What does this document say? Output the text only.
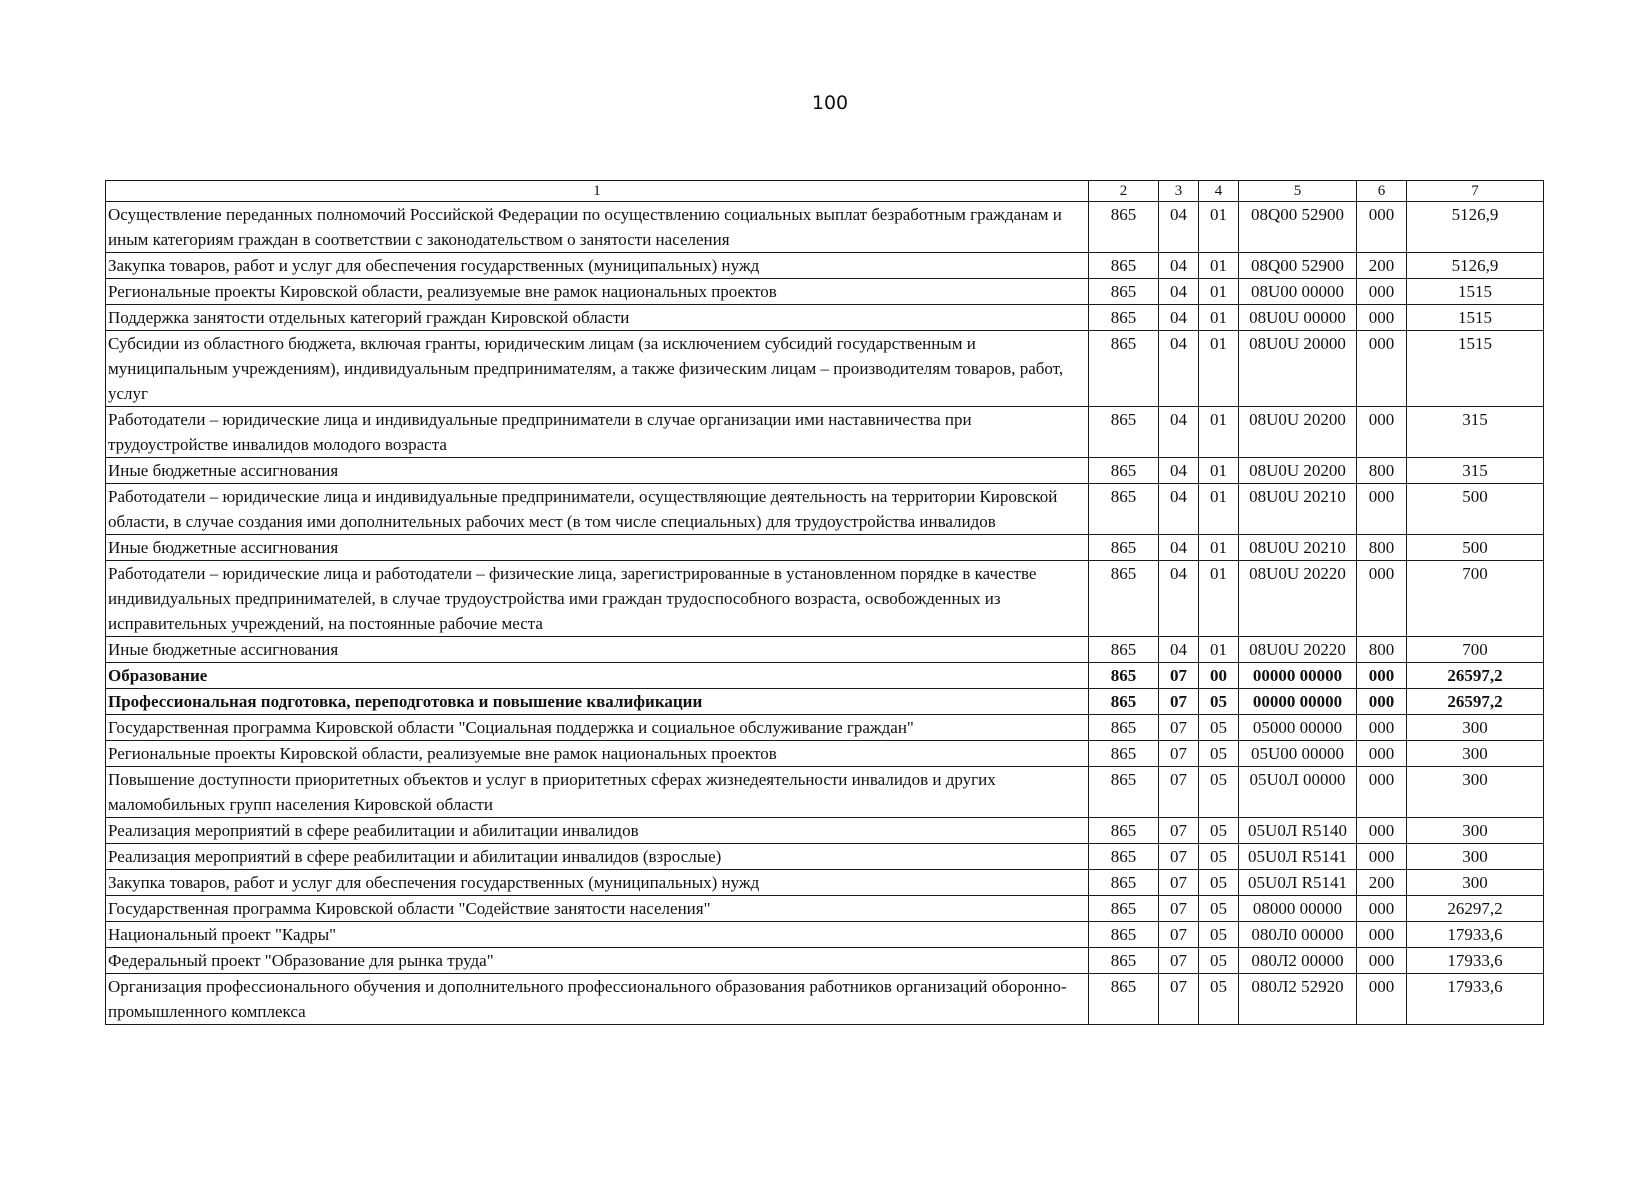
100
1	2	3	4	5	6	7
Осуществление переданных полномочий Российской Федерации по осуществлению социальных выплат безработным гражданам и иным категориям граждан в соответствии с законодательством о занятости населения	865	04	01	08Q00 52900	000	5126,9
Закупка товаров, работ и услуг для обеспечения государственных (муниципальных) нужд	865	04	01	08Q00 52900	200	5126,9
Региональные проекты Кировской области, реализуемые вне рамок национальных проектов	865	04	01	08U00 00000	000	1515
Поддержка занятости отдельных категорий граждан Кировской области	865	04	01	08U0U 00000	000	1515
Субсидии из областного бюджета, включая гранты, юридическим лицам (за исключением субсидий государственным и муниципальным учреждениям), индивидуальным предпринимателям, а также физическим лицам – производителям товаров, работ, услуг	865	04	01	08U0U 20000	000	1515
Работодатели – юридические лица и индивидуальные предприниматели в случае организации ими наставничества при трудоустройстве инвалидов молодого возраста	865	04	01	08U0U 20200	000	315
Иные бюджетные ассигнования	865	04	01	08U0U 20200	800	315
Работодатели – юридические лица и индивидуальные предприниматели, осуществляющие деятельность на территории Кировской области, в случае создания ими дополнительных рабочих мест (в том числе специальных) для трудоустройства инвалидов	865	04	01	08U0U 20210	000	500
Иные бюджетные ассигнования	865	04	01	08U0U 20210	800	500
Работодатели – юридические лица и работодатели – физические лица, зарегистрированные в установленном порядке в качестве индивидуальных предпринимателей, в случае трудоустройства ими граждан трудоспособного возраста, освобожденных из исправительных учреждений, на постоянные рабочие места	865	04	01	08U0U 20220	000	700
Иные бюджетные ассигнования	865	04	01	08U0U 20220	800	700
Образование	865	07	00	00000 00000	000	26597,2
Профессиональная подготовка, переподготовка и повышение квалификации	865	07	05	00000 00000	000	26597,2
Государственная программа Кировской области "Социальная поддержка и социальное обслуживание граждан"	865	07	05	05000 00000	000	300
Региональные проекты Кировской области, реализуемые вне рамок национальных проектов	865	07	05	05U00 00000	000	300
Повышение доступности приоритетных объектов и услуг в приоритетных сферах жизнедеятельности инвалидов и других маломобильных групп населения Кировской области	865	07	05	05U0Л 00000	000	300
Реализация мероприятий в сфере реабилитации и абилитации инвалидов	865	07	05	05U0Л R5140	000	300
Реализация мероприятий в сфере реабилитации и абилитации инвалидов (взрослые)	865	07	05	05U0Л R5141	000	300
Закупка товаров, работ и услуг для обеспечения государственных (муниципальных) нужд	865	07	05	05U0Л R5141	200	300
Государственная программа Кировской области "Содействие занятости населения"	865	07	05	08000 00000	000	26297,2
Национальный проект "Кадры"	865	07	05	080Л0 00000	000	17933,6
Федеральный проект "Образование для рынка труда"	865	07	05	080Л2 00000	000	17933,6
Организация профессионального обучения и дополнительного профессионального образования работников организаций оборонно-промышленного комплекса	865	07	05	080Л2 52920	000	17933,6
